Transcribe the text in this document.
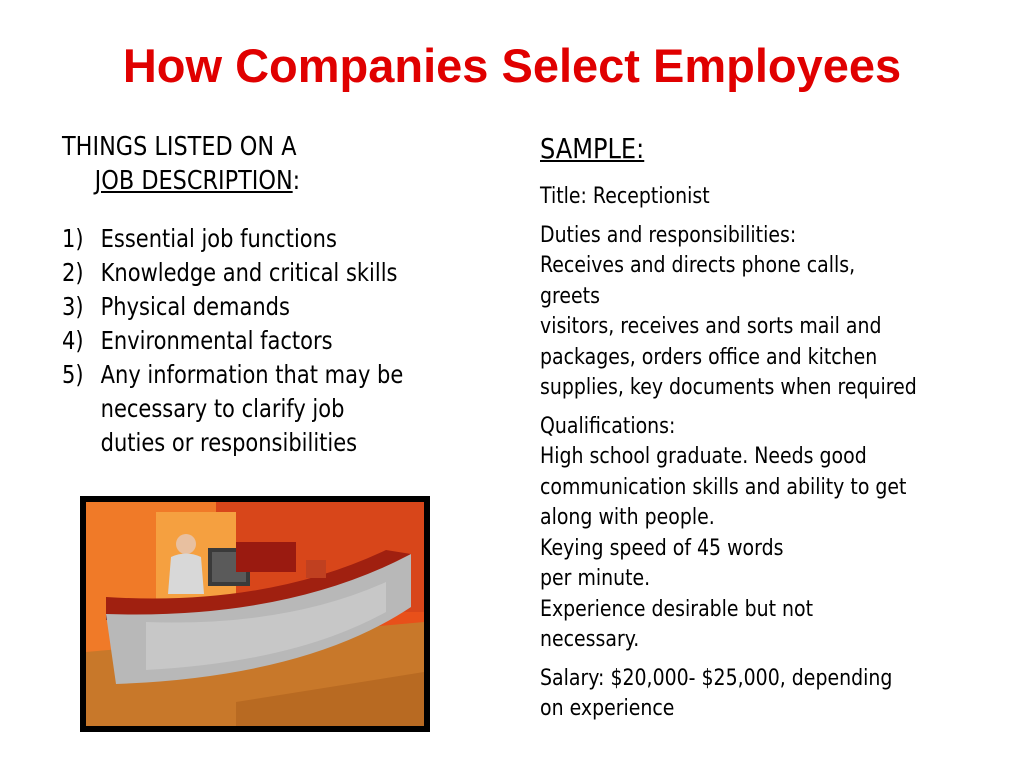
How Companies Select Employees
THINGS LISTED ON A
JOB DESCRIPTION:
1) Essential job functions
2) Knowledge and critical skills
3) Physical demands
4) Environmental factors
5) Any information that may be
necessary to clarify job
duties or responsibilities
SAMPLE:
Title: Receptionist
Duties and responsibilities:
Receives and directs phone calls,
greets
visitors, receives and sorts mail and
packages, orders office and kitchen
supplies, key documents when required
Qualifications:
High school graduate. Needs good
communication skills and ability to get
along with people.
Keying speed of 45 words
per minute.
Experience desirable but not
necessary.
Salary: $20,000- $25,000, depending
on experience
